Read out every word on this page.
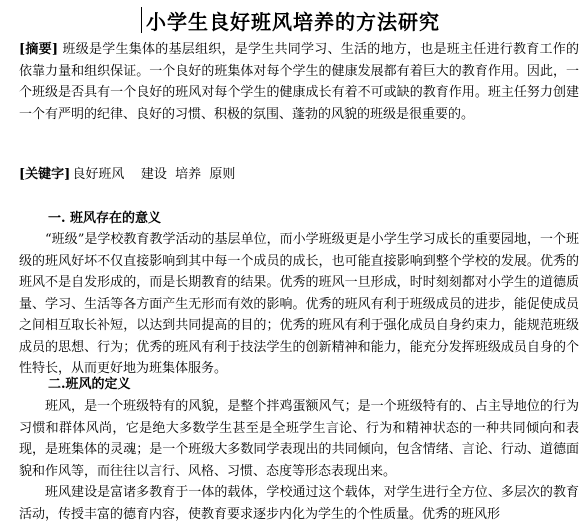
小学生良好班风培养的方法研究
[摘要] 班级是学生集体的基层组织，是学生共同学习、生活的地方，也是班主任进行教育工作的依靠力量和组织保证。一个良好的班集体对每个学生的健康发展都有着巨大的教育作用。因此，一个班级是否具有一个良好的班风对每个学生的健康成长有着不可或缺的教育作用。班主任努力创建一个有严明的纪律、良好的习惯、积极的氛围、蓬勃的风貌的班级是很重要的。
[关键字] 良好班风    建设  培养  原则
一. 班风存在的意义
“班级”是学校教育教学活动的基层单位，而小学班级更是小学生学习成长的重要园地，一个班级的班风好坏不仅直接影响到其中每一个成员的成长，也可能直接影响到整个学校的发展。优秀的班风不是自发形成的，而是长期教育的结果。优秀的班风一旦形成，时时刻刻都对小学生的道德质量、学习、生活等各方面产生无形而有效的影响。优秀的班风有利于班级成员的进步，能促使成员之间相互取长补短，以达到共同提高的目的；优秀的班风有利于强化成员自身约束力，能规范班级成员的思想、行为；优秀的班风有利于技法学生的创新精神和能力，能充分发挥班级成员自身的个性特长，从而更好地为班集体服务。
二.班风的定义
班风，是一个班级特有的风貌，是整个拌鸡蛋额风气；是一个班级特有的、占主导地位的行为习惯和群体风尚，它是绝大多数学生甚至是全班学生言论、行为和精神状态的一种共同倾向和表现，是班集体的灵魂；是一个班级大多数同学表现出的共同倾向，包含情绪、言论、行动、道德面貌和作风等，而往往以言行、风格、习惯、态度等形态表现出来。
班风建设是富诸多教育于一体的载体，学校通过这个载体，对学生进行全方位、多层次的教育活动，传授丰富的德育内容，使教育要求逐步内化为学生的个性质量。优秀的班风形
